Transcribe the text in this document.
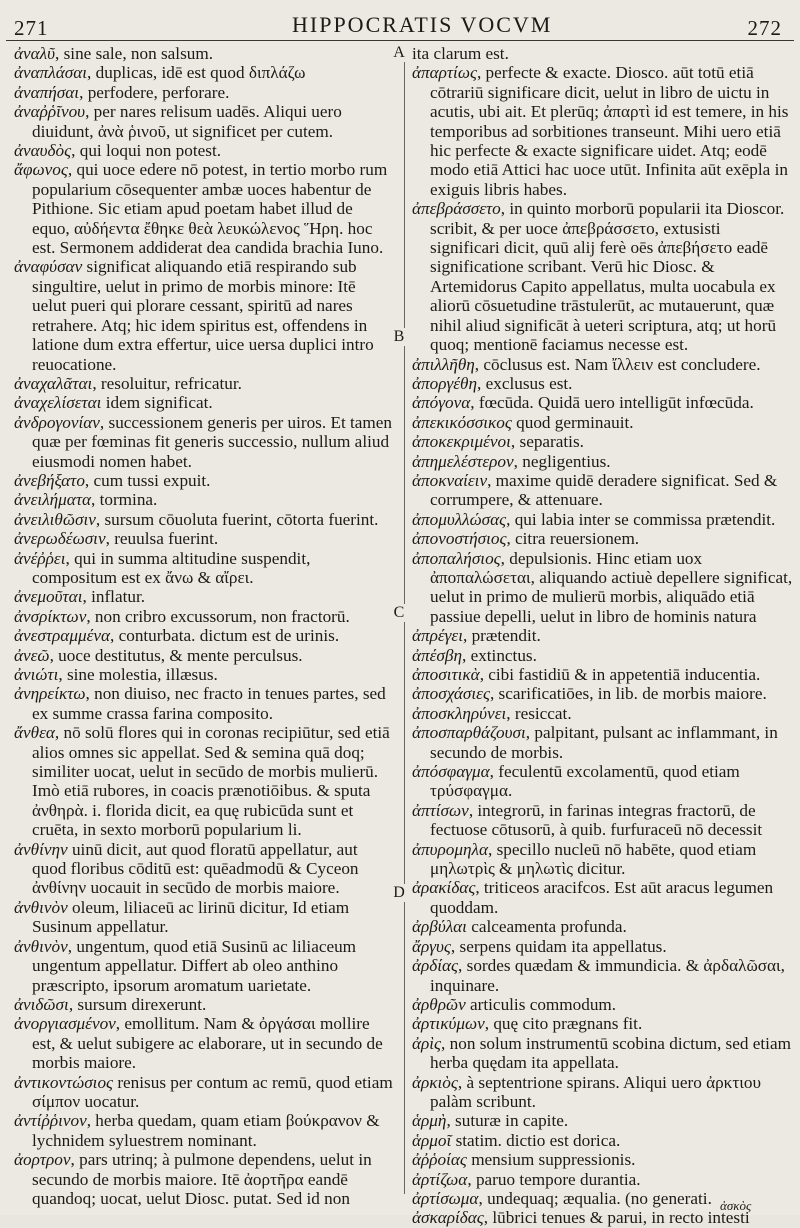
271	HIPPOCRATIS VOCVM	272

ἀναλῦ, sine sale, non salsum.

ἀναπλάσαι, duplicas, idē est quod διπλάζω

ἀναπήσαι, perfodere, perforare.

ἀναῤῥῖνου, per nares relisum uadēs. Aliqui uero diuidunt, ἀνὰ ῥινοῦ, ut significet per cutem.

ἀναυδὸς, qui loqui non potest.

ἄφωνος, qui uoce edere nō potest, in tertio morbo rum popularium cōsequenter ambæ uoces habentur de Pithione. Sic etiam apud poetam habet illud de equo, αὐδήεντα ἔθηκε θεὰ λευκώλενος Ἥρη. hoc est. Sermonem addiderat dea candida brachia Iuno.

ἀναφύσαν significat aliquando etiā respirando sub singultire, uelut in primo de morbis minore: Itē uelut pueri qui plorare cessant, spiritū ad nares retrahere. Atq; hic idem spiritus est, offendens in latione dum extra effertur, uice uersa duplici intro reuocatione.

ἀναχαλᾶται, resoluitur, refricatur.

ἀναχελίσεται idem significat.

ἀνδρογονίαν, successionem generis per uiros. Et tamen quæ per fœminas fit generis successio, nullum aliud eiusmodi nomen habet.

ἀνεβήξατο, cum tussi expuit.

ἀνειλήματα, tormina.

ἀνειλιθῶσιν, sursum cōuoluta fuerint, cōtorta fuerint.

ἀνερωδέωσιν, reuulsa fuerint.

ἀνέῤῥει, qui in summa altitudine suspendit, compositum est ex ἄνω & αἴρει.

ἀνεμοῦται, inflatur.

ἀνσρίκτων, non cribro excussorum, non fractorū.

ἀνεστραμμένα, conturbata. dictum est de urinis.

ἀνεῶ, uoce destitutus, & mente perculsus.

ἀνιώτι, sine molestia, illæsus.

ἀνηρείκτω, non diuiso, nec fracto in tenues partes, sed ex summe crassa farina composito.

ἄνθεα, nō solū flores qui in coronas recipiūtur, sed etiā alios omnes sic appellat. Sed & semina quā doq; similiter uocat, uelut in secūdo de morbis mulierū. Imò etiā rubores, in coacis prænotiōibus. & sputa ἀνθηρὰ. i. florida dicit, ea quę rubicūda sunt et cruēta, in sexto morborū popularium li.

ἀνθίνην uinū dicit, aut quod floratū appellatur, aut quod floribus cōditū est: quēadmodū & Cyceon ἀνθίνην uocauit in secūdo de morbis maiore.

ἀνθινὸν oleum, liliaceū ac lirinū dicitur, Id etiam Susinum appellatur.

ἀνθινὸν, ungentum, quod etiā Susinū ac liliaceum ungentum appellatur. Differt ab oleo anthino præscripto, ipsorum aromatum uarietate.

ἀνιδῶσι, sursum direxerunt.

ἀνοργιασμένον, emollitum. Nam & ὀργάσαι mollire est, & uelut subigere ac elaborare, ut in secundo de morbis maiore.

ἀντικοντώσιος renisus per contum ac remū, quod etiam σίμπον uocatur.

ἀντίῤῥινον, herba quedam, quam etiam βούκρανον & lychnidem syluestrem nominant.

ἀορτρον, pars utrinq; à pulmone dependens, uelut in secundo de morbis maiore. Itē ἀορτῆρα eandē quandoq; uocat, uelut Diosc. putat. Sed id non

ita clarum est.

ἀπαρτίως, perfecte & exacte. Diosco. aūt totū etiā cōtrariū significare dicit, uelut in libro de uictu in acutis, ubi ait. Et plerūq; ἀπαρτὶ id est temere, in his temporibus ad sorbitiones transeunt. Mihi uero etiā hic perfecte & exacte significare uidet. Atq; eodē modo etiā Attici hac uoce utūt. Infinita aūt exēpla in exiguis libris habes.

ἀπεβράσσετο, in quinto morborū popularii ita Dioscor. scribit, & per uoce ἀπεβράσσετο, extusisti significari dicit, quū alij ferè oēs ἀπεβήσετο eadē significatione scribant. Verū hic Diosc. & Artemidorus Capito appellatus, multa uocabula ex aliorū cōsuetudine trāstulerūt, ac mutauerunt, quæ nihil aliud significāt à ueteri scriptura, atq; ut horū quoq; mentionē faciamus necesse est.

ἀπιλλῆθη, cōclusus est. Nam ἴλλειν est concludere.

ἀποργέθη, exclusus est.

ἀπόγονα, fœcūda. Quidā uero intelligūt infœcūda.

ἀπεκικόσσικος quod germinauit.

ἀποκεκριμένοι, separatis.

ἀπημελέστερον, negligentius.

ἀποκναίειν, maxime quidē deradere significat. Sed & corrumpere, & attenuare.

ἀπομυλλώσας, qui labia inter se commissa prætendit.

ἀπονοστήσιος, citra reuersionem.

ἀποπαλήσιος, depulsionis. Hinc etiam uox ἀποπαλώσεται, aliquando actiuè depellere significat, uelut in primo de mulierū morbis, aliquādo etiā passiue depelli, uelut in libro de hominis natura

ἀπρέγει, prætendit.

ἀπέσβη, extinctus.

ἀποσιτικὰ, cibi fastidiū & in appetentiā inducentia.

ἀποσχάσιες, scarificatiōes, in lib. de morbis maiore.

ἀποσκληρύνει, resiccat.

ἀποσπαρθάζουσι, palpitant, pulsant ac inflammant, in secundo de morbis.

ἀπόσφαγμα, feculentū excolamentū, quod etiam τρύσφαγμα.

ἀπτίσων, integrorū, in farinas integras fractorū, de fectuose cōtusorū, à quib. furfuraceū nō decessit

ἀπυρομηλα, specillo nucleū nō habēte, quod etiam μηλωτρὶς & μηλωτὶς dicitur.

ἀρακίδας, triticeos aracifcos. Est aūt aracus legumen quoddam.

ἀρβύλαι calceamenta profunda.

ἄργυς, serpens quidam ita appellatus.

ἀρδίας, sordes quædam & immundicia. & ἀρδαλῶσαι, inquinare.

ἀρθρῶν articulis commodum.

ἀρτικύμων, quę cito prægnans fit.

ἀρὶς, non solum instrumentū scobina dictum, sed etiam herba quędam ita appellata.

ἀρκιὸς, à septentrione spirans. Aliqui uero ἀρκτιου palàm scribunt.

ἁρμὴ, suturæ in capite.

ἁρμοῖ statim. dictio est dorica.

ἀῤῥοίας mensium suppressionis.

ἀρτίζωα, paruo tempore durantia.

ἀρτίσωμα, undequaq; æqualia. (no generati.

ἀσκαρίδας, lūbrici tenues & parui, in recto intesti

A
B
C
D
ἀσκὸς
